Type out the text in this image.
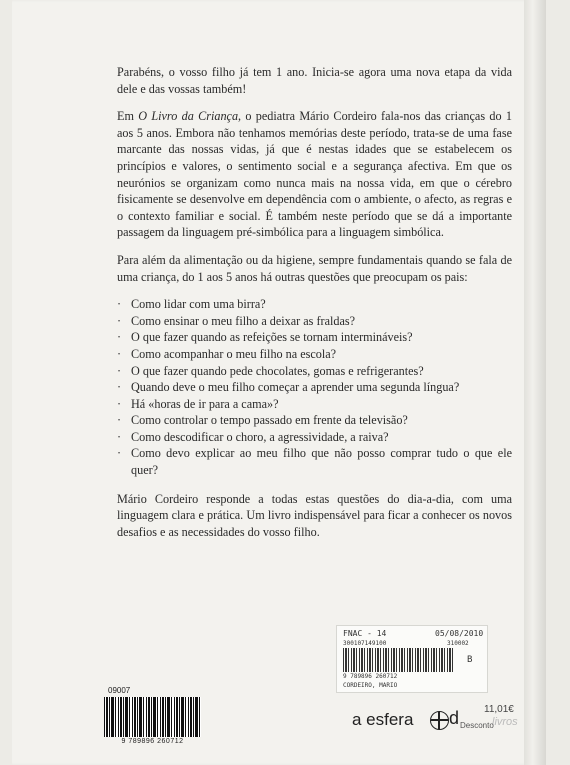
Parabéns, o vosso filho já tem 1 ano. Inicia-se agora uma nova etapa da vida dele e das vossas também!

Em O Livro da Criança, o pediatra Mário Cordeiro fala-nos das crianças do 1 aos 5 anos. Embora não tenhamos memórias deste período, trata-se de uma fase marcante das nossas vidas, já que é nestas idades que se estabelecem os princípios e valores, o sentimento social e a segurança afectiva. Em que os neurónios se organizam como nunca mais na nossa vida, em que o cérebro fisicamente se desenvolve em dependência com o ambiente, o afecto, as regras e o contexto familiar e social. É também neste período que se dá a importante passagem da linguagem pré-simbólica para a linguagem simbólica.

Para além da alimentação ou da higiene, sempre fundamentais quando se fala de uma criança, do 1 aos 5 anos há outras questões que preocupam os pais:

· Como lidar com uma birra?
· Como ensinar o meu filho a deixar as fraldas?
· O que fazer quando as refeições se tornam intermináveis?
· Como acompanhar o meu filho na escola?
· O que fazer quando pede chocolates, gomas e refrigerantes?
· Quando deve o meu filho começar a aprender uma segunda língua?
· Há «horas de ir para a cama»?
· Como controlar o tempo passado em frente da televisão?
· Como descodificar o choro, a agressividade, a raiva?
· Como devo explicar ao meu filho que não posso comprar tudo o que ele quer?

Mário Cordeiro responde a todas estas questões do dia-a-dia, com uma linguagem clara e prática. Um livro indispensável para ficar a conhecer os novos desafios e as necessidades do vosso filho.

FNAC - 14	05/08/2010
300107149100	310002
B
9 789896 260712
CORDEIRO, MARIO
09007
9 789896 260712
a esfera d	livros
11,01€
Desconto
